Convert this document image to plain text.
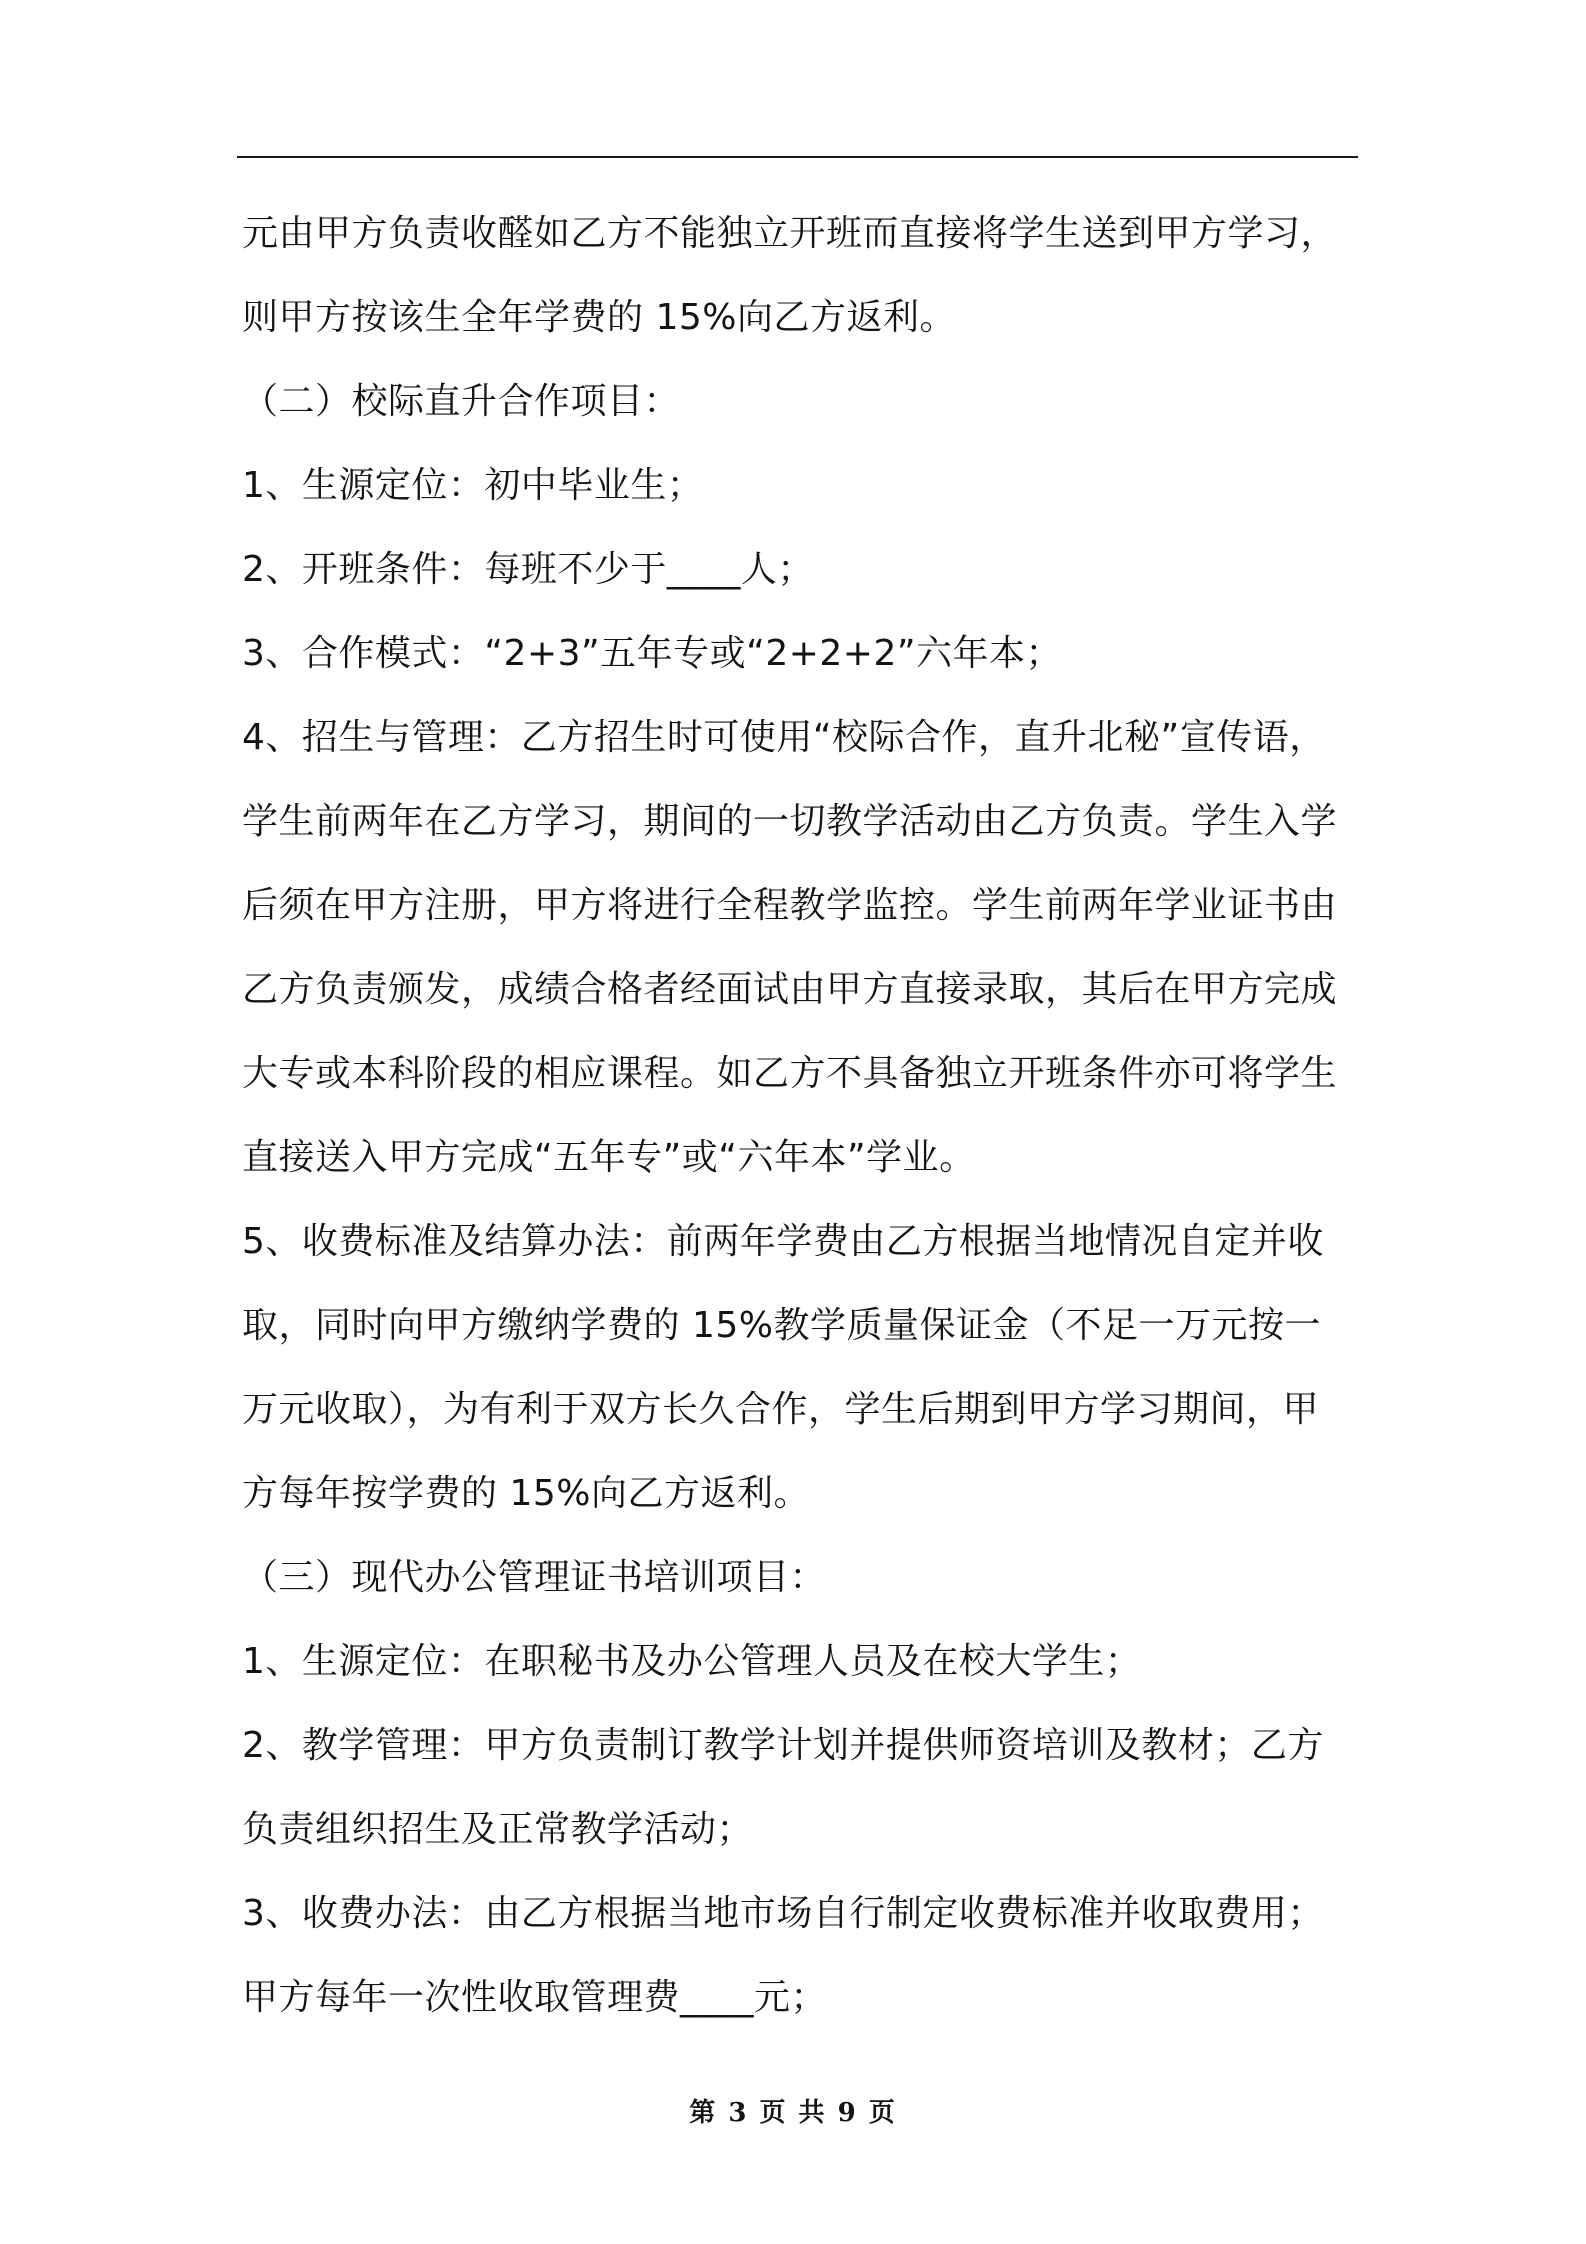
元由甲方负责收醛如乙方不能独立开班而直接将学生送到甲方学习，
则甲方按该生全年学费的 15%向乙方返利。
（二）校际直升合作项目：
1、生源定位：初中毕业生；
2、开班条件：每班不少于____人；
3、合作模式：“2+3”五年专或“2+2+2”六年本；
4、招生与管理：乙方招生时可使用“校际合作，直升北秘”宣传语，
学生前两年在乙方学习，期间的一切教学活动由乙方负责。学生入学
后须在甲方注册，甲方将进行全程教学监控。学生前两年学业证书由
乙方负责颁发，成绩合格者经面试由甲方直接录取，其后在甲方完成
大专或本科阶段的相应课程。如乙方不具备独立开班条件亦可将学生
直接送入甲方完成“五年专”或“六年本”学业。
5、收费标准及结算办法：前两年学费由乙方根据当地情况自定并收
取，同时向甲方缴纳学费的 15%教学质量保证金（不足一万元按一
万元收取），为有利于双方长久合作，学生后期到甲方学习期间，甲
方每年按学费的 15%向乙方返利。
（三）现代办公管理证书培训项目：
1、生源定位：在职秘书及办公管理人员及在校大学生；
2、教学管理：甲方负责制订教学计划并提供师资培训及教材；乙方
负责组织招生及正常教学活动；
3、收费办法：由乙方根据当地市场自行制定收费标准并收取费用；
甲方每年一次性收取管理费____元；
第 3 页 共 9 页
